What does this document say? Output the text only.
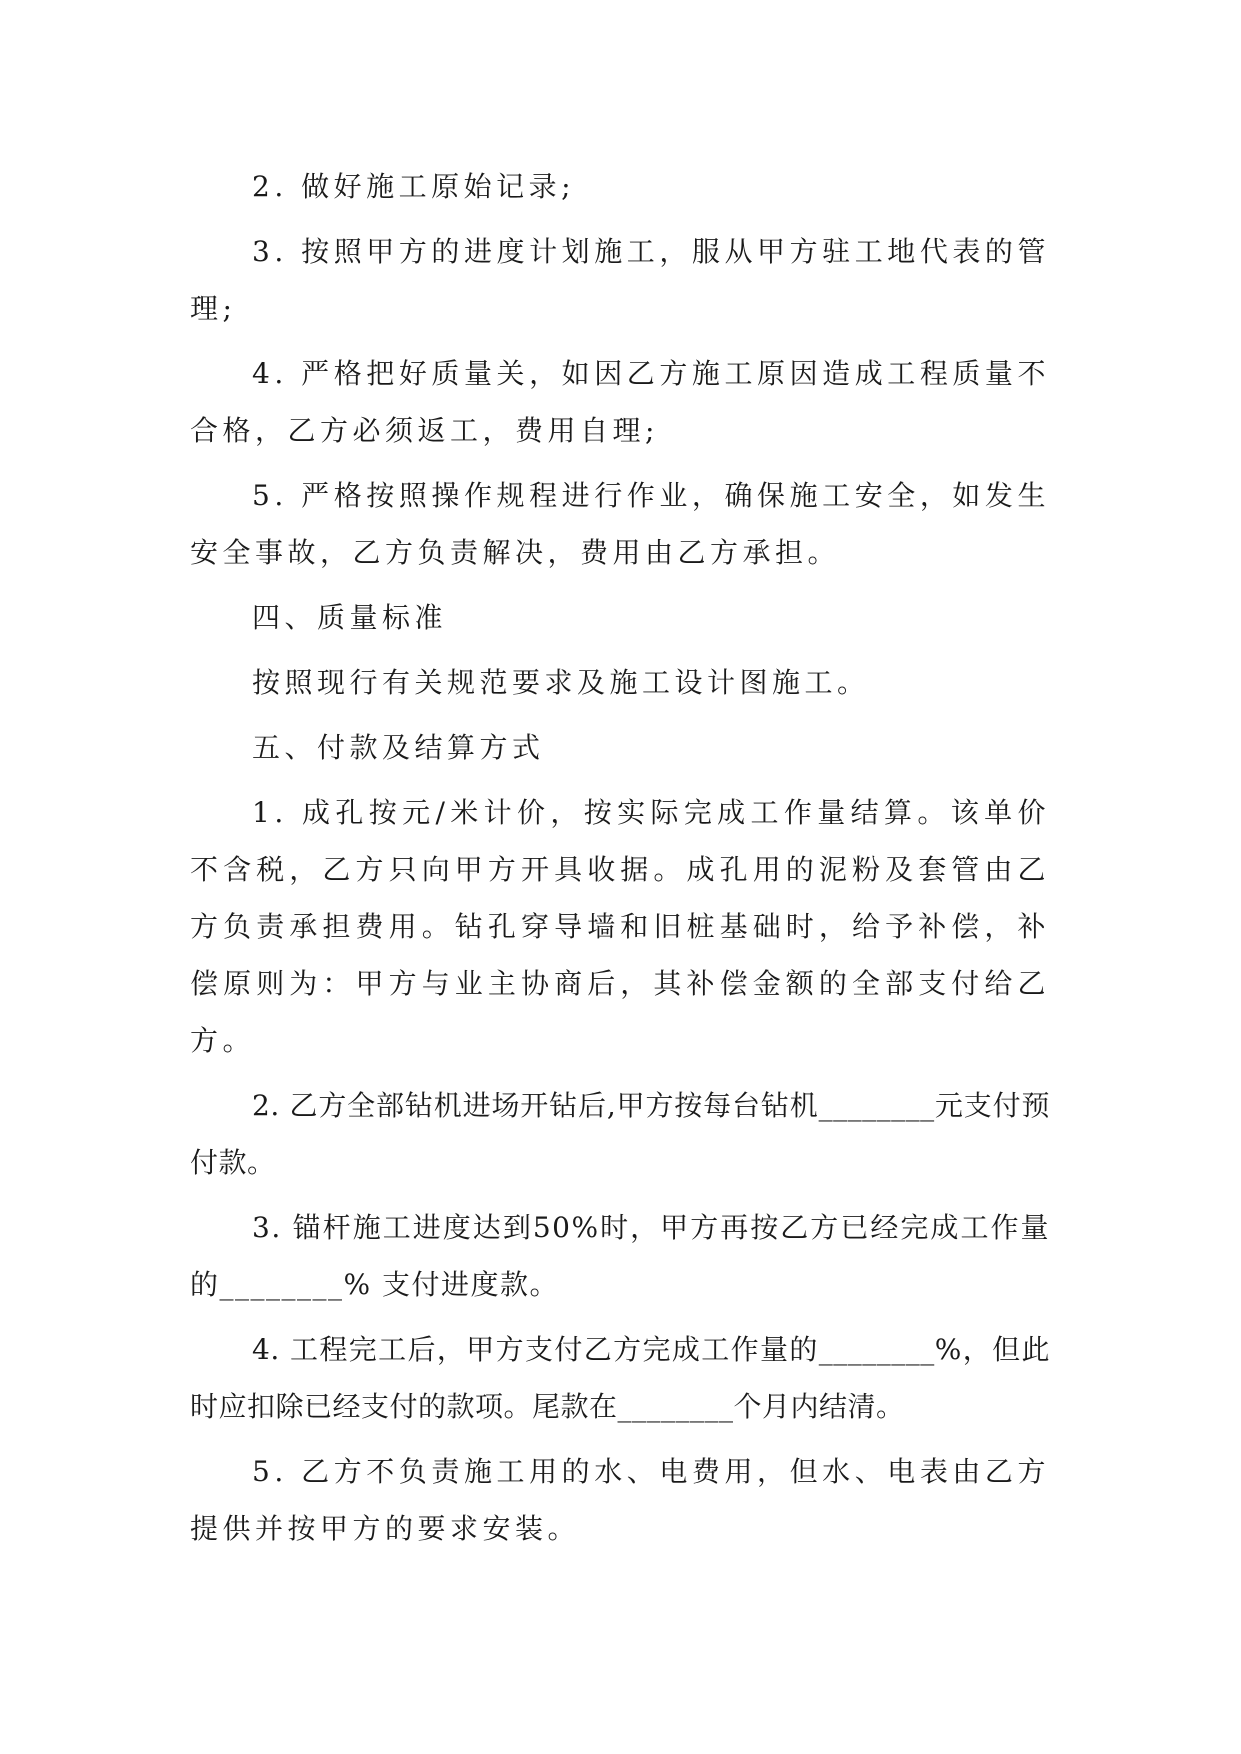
2. 做好施工原始记录;

3. 按照甲方的进度计划施工，服从甲方驻工地代表的管理;

4. 严格把好质量关，如因乙方施工原因造成工程质量不合格，乙方必须返工，费用自理;

5. 严格按照操作规程进行作业，确保施工安全，如发生安全事故，乙方负责解决，费用由乙方承担。

四、质量标准

按照现行有关规范要求及施工设计图施工。

五、付款及结算方式

1. 成孔按元/米计价，按实际完成工作量结算。该单价不含税，乙方只向甲方开具收据。成孔用的泥粉及套管由乙方负责承担费用。钻孔穿导墙和旧桩基础时，给予补偿，补偿原则为：甲方与业主协商后，其补偿金额的全部支付给乙方。

2. 乙方全部钻机进场开钻后,甲方按每台钻机________元支付预付款。

3. 锚杆施工进度达到50%时，甲方再按乙方已经完成工作量的________% 支付进度款。

4. 工程完工后，甲方支付乙方完成工作量的________%，但此时应扣除已经支付的款项。尾款在________个月内结清。

5. 乙方不负责施工用的水、电费用，但水、电表由乙方提供并按甲方的要求安装。
